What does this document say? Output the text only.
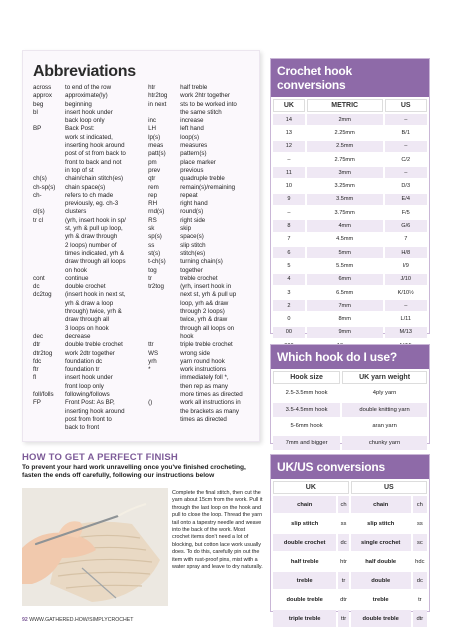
Abbreviations
across	to end of the row
approx	approximate(ly)
beg	beginning
bl	insert hook under
back loop only
BP	Back Post:
work st indicated,
inserting hook around
post of st from back to
front to back and not
in top of st
ch(s)	chain/chain stitch(es)
ch-sp(s)	chain space(s)
ch-	refers to ch made
previously, eg. ch-3
cl(s)	clusters
tr cl	(yrh, insert hook in sp/
st, yrh & pull up loop,
yrh & draw through
2 loops) number of
times indicated, yrh &
draw through all loops
on hook
cont	continue
dc	double crochet
dc2tog	(insert hook in next st,
yrh & draw a loop
through) twice, yrh &
draw through all
3 loops on hook
dec	decrease
dtr	double treble crochet
dtr2tog	work 2dtr together
fdc	foundation dc
ftr	foundation tr
fl	insert hook under
front loop only
foll/folls	following/follows
FP	Front Post: As BP,
inserting hook around
post from front to
back to front
htr	half treble
htr2tog	work 2htr together
in next	sts to be worked into
the same stitch
inc	increase
LH	left hand
lp(s)	loop(s)
meas	measures
patt(s)	pattern(s)
pm	place marker
prev	previous
qtr	quadruple treble
rem	remain(s)/remaining
rep	repeat
RH	right hand
rnd(s)	round(s)
RS	right side
sk	skip
sp(s)	space(s)
ss	slip stitch
st(s)	stitch(es)
t-ch(s)	turning chain(s)
tog	together
tr	treble crochet
tr2tog	(yrh, insert hook in
next st, yrh & pull up
loop, yrh a& draw
through 2 loops)
twice, yrh & draw
through all loops on
hook
ttr	triple treble crochet
WS	wrong side
yrh	yarn round hook
*	work instructions
immediately foll *,
then rep as many
more times as directed
()	work all instructions in
the brackets as many
times as directed
Crochet hook conversions
UK	METRIC	US
14	2mm	–
13	2.25mm	B/1
12	2.5mm	–
–	2.75mm	C/2
11	3mm	–
10	3.25mm	D/3
9	3.5mm	E/4
–	3.75mm	F/5
8	4mm	G/6
7	4.5mm	7
6	5mm	H/8
5	5.5mm	I/9
4	6mm	J/10
3	6.5mm	K/10½
2	7mm	–
0	8mm	L/11
00	9mm	M/13

Which hook do I use?
Hook size	UK yarn weight
2.5-3.5mm hook	4ply yarn
3.5-4.5mm hook	double knitting yarn
5-6mm hook	aran yarn
7mm and bigger	chunky yarn
UK/US conversions
UK		US	
chain	ch	chain	ch
slip stitch	ss	slip stitch	ss
double crochet	dc	single crochet	sc
half treble	htr	half double	hdc
treble	tr	double	dc
double treble	dtr	treble	tr
triple treble	ttr	double treble	dtr
HOW TO GET A PERFECT FINISH
To prevent your hard work unravelling once you've finished crocheting, fasten the ends off carefully, following our instructions below
Complete the final stitch, then cut the yarn about 15cm from the work. Pull it through the last loop on the hook and pull to close the loop. Thread the yarn tail onto a tapestry needle and weave into the back of the work. Most crochet items don't need a lot of blocking, but cotton lace work usually does. To do this, carefully pin out the item with rust-proof pins, mist with a water spray and leave to dry naturally.
92 WWW.GATHERED.HOW/SIMPLYCROCHET
